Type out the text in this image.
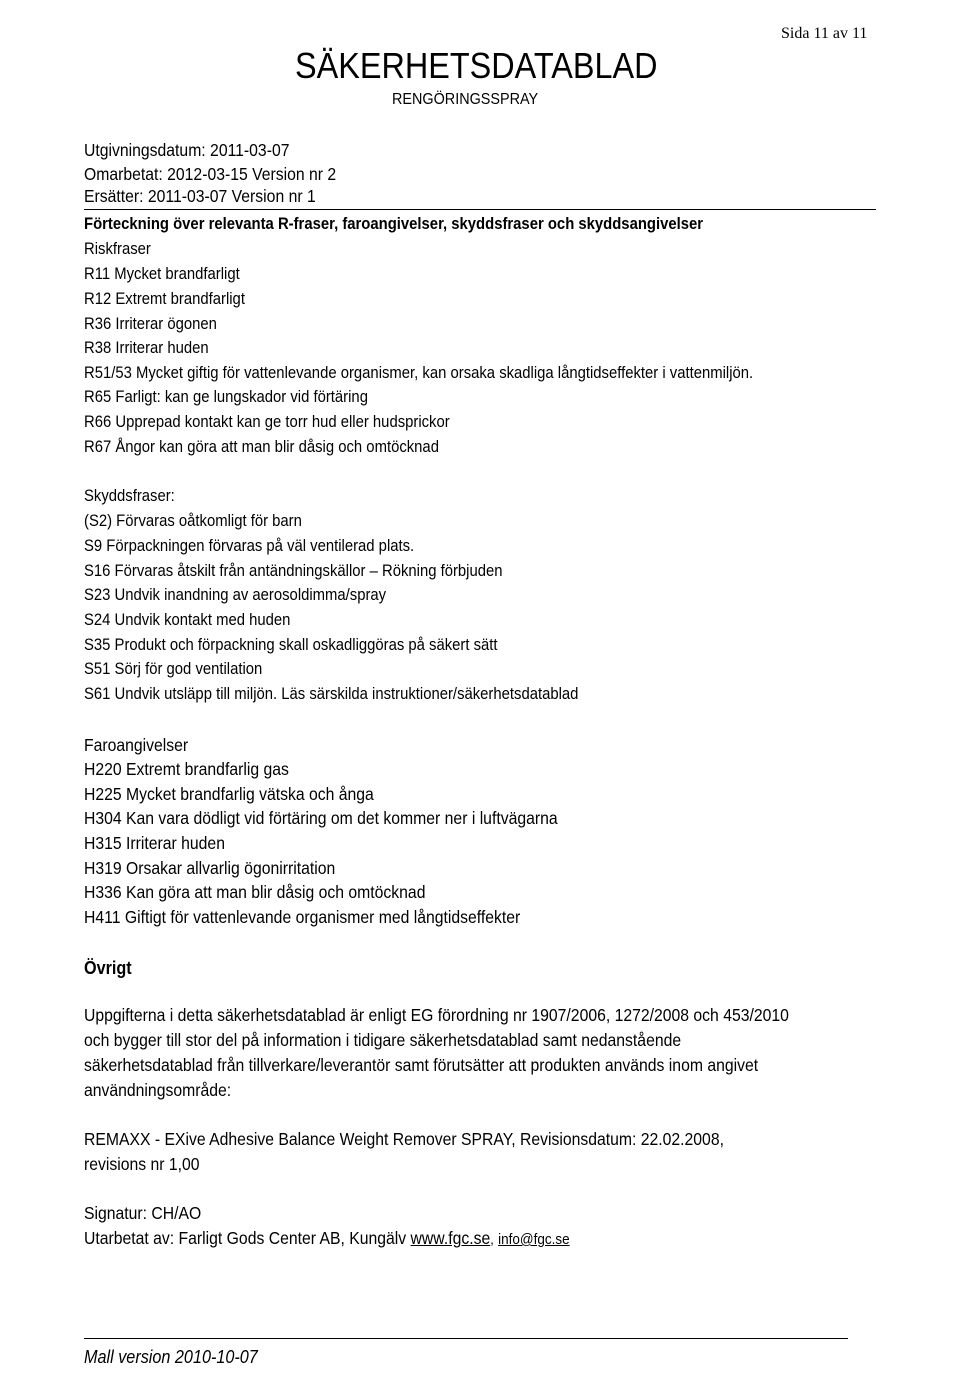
Sida 11 av 11
SÄKERHETSDATABLAD
RENGÖRINGSSPRAY
Utgivningsdatum: 2011-03-07
Omarbetat: 2012-03-15 Version nr 2
Ersätter: 2011-03-07 Version nr 1
Förteckning över relevanta R-fraser, faroangivelser, skyddsfraser och skyddsangivelser
Riskfraser
R11 Mycket brandfarligt
R12 Extremt brandfarligt
R36 Irriterar ögonen
R38 Irriterar huden
R51/53 Mycket giftig för vattenlevande organismer, kan orsaka skadliga långtidseffekter i vattenmiljön.
R65 Farligt: kan ge lungskador vid förtäring
R66 Upprepad kontakt kan ge torr hud eller hudsprickor
R67 Ångor kan göra att man blir dåsig och omtöcknad
Skyddsfraser:
(S2) Förvaras oåtkomligt för barn
S9 Förpackningen förvaras på väl ventilerad plats.
S16 Förvaras åtskilt från antändningskällor – Rökning förbjuden
S23 Undvik inandning av aerosoldimma/spray
S24 Undvik kontakt med huden
S35 Produkt och förpackning skall oskadliggöras på säkert sätt
S51 Sörj för god ventilation
S61 Undvik utsläpp till miljön. Läs särskilda instruktioner/säkerhetsdatablad
Faroangivelser
H220 Extremt brandfarlig gas
H225 Mycket brandfarlig vätska och ånga
H304 Kan vara dödligt vid förtäring om det kommer ner i luftvägarna
H315 Irriterar huden
H319 Orsakar allvarlig ögonirritation
H336 Kan göra att man blir dåsig och omtöcknad
H411 Giftigt för vattenlevande organismer med långtidseffekter
Övrigt
Uppgifterna i detta säkerhetsdatablad är enligt EG förordning nr 1907/2006, 1272/2008 och 453/2010
och bygger till stor del på information i tidigare säkerhetsdatablad samt nedanstående
säkerhetsdatablad från tillverkare/leverantör samt förutsätter att produkten används inom angivet
användningsområde:
REMAXX - EXive Adhesive Balance Weight Remover SPRAY, Revisionsdatum: 22.02.2008,
revisions nr 1,00
Signatur: CH/AO
Utarbetat av: Farligt Gods Center AB, Kungälv www.fgc.se, info@fgc.se
Mall version 2010-10-07
